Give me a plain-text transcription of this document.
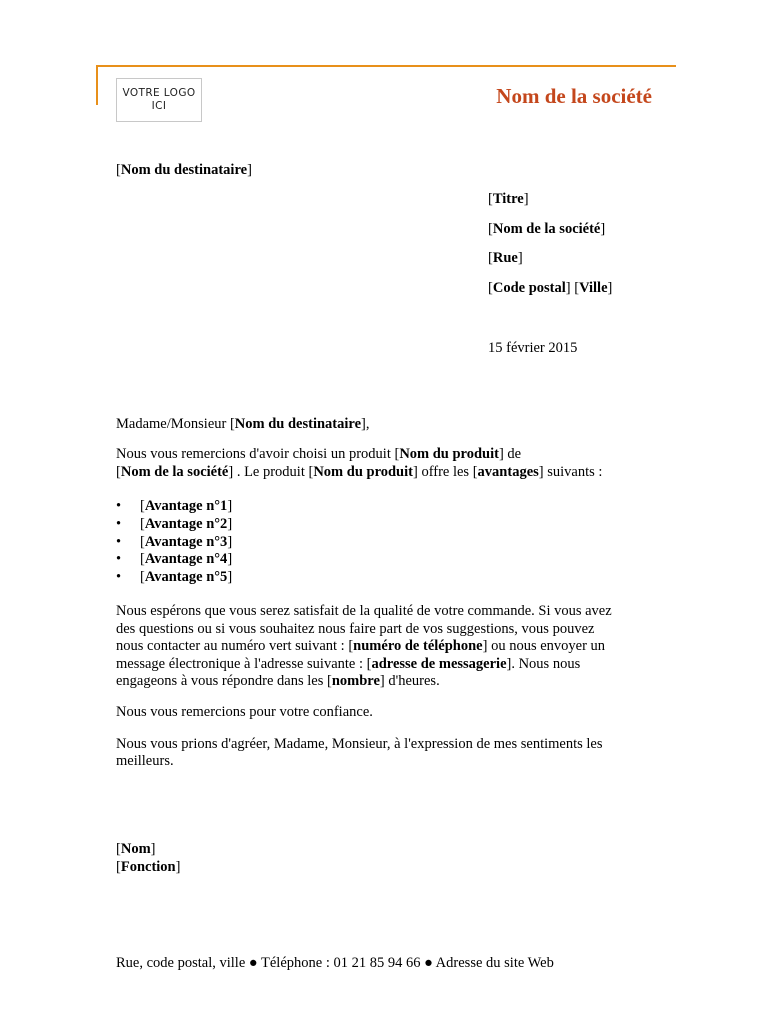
VOTRE LOGO
ICI	Nom de la société
[Nom du destinataire]
[Titre]
[Nom de la société]
[Rue]
[Code postal] [Ville]
15 février 2015
Madame/Monsieur [Nom du destinataire],
Nous vous remercions d'avoir choisi un produit [Nom du produit] de
[Nom de la société] . Le produit [Nom du produit] offre les [avantages] suivants :
• [Avantage n°1]
• [Avantage n°2]
• [Avantage n°3]
• [Avantage n°4]
• [Avantage n°5]
Nous espérons que vous serez satisfait de la qualité de votre commande. Si vous avez
des questions ou si vous souhaitez nous faire part de vos suggestions, vous pouvez
nous contacter au numéro vert suivant : [numéro de téléphone] ou nous envoyer un
message électronique à l'adresse suivante : [adresse de messagerie]. Nous nous
engageons à vous répondre dans les [nombre] d'heures.
Nous vous remercions pour votre confiance.
Nous vous prions d'agréer, Madame, Monsieur, à l'expression de mes sentiments les
meilleurs.
[Nom]
[Fonction]
Rue, code postal, ville ● Téléphone : 01 21 85 94 66 ● Adresse du site Web
